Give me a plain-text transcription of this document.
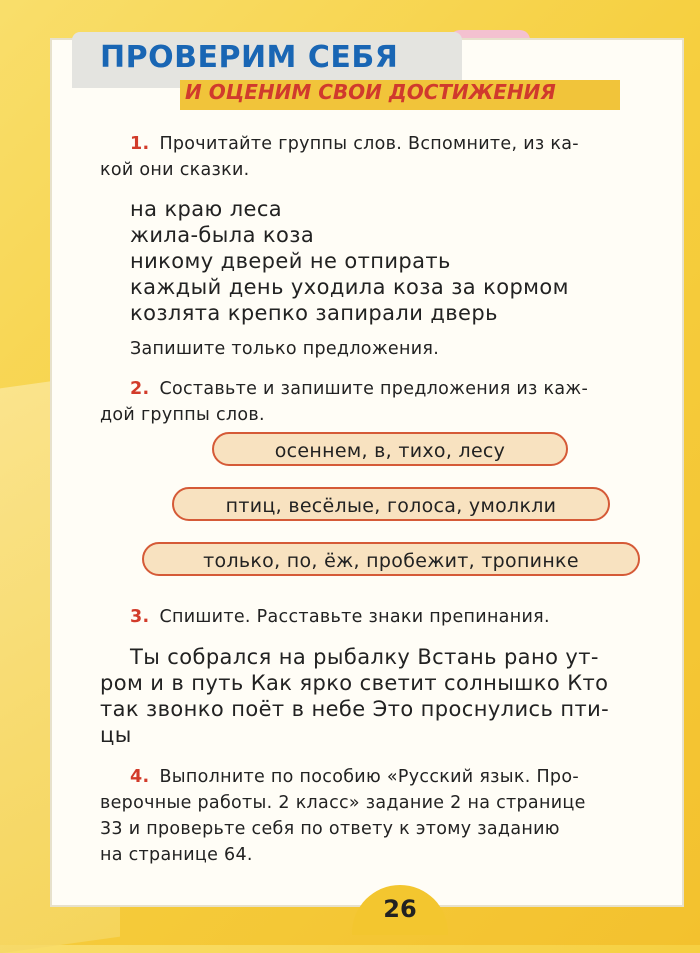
ПРОВЕРИМ СЕБЯ
И ОЦЕНИМ СВОИ ДОСТИЖЕНИЯ

1. Прочитайте группы слов. Вспомните, из ка-

кой они сказки.

на краю леса

жила-была коза

никому дверей не отпирать

каждый день уходила коза за кормом

козлята крепко запирали дверь

Запишите только предложения.

2. Составьте и запишите предложения из каж-

дой группы слов.

осеннем, в, тихо, лесу
птиц, весёлые, голоса, умолкли
только, по, ёж, пробежит, тропинке

3. Спишите. Расставьте знаки препинания.

Ты собрался на рыбалку Встань рано ут-

ром и в путь Как ярко светит солнышко Кто

так звонко поёт в небе Это проснулись пти-

цы

4. Выполните по пособию «Русский язык. Про-

верочные работы. 2 класс» задание 2 на странице

33 и проверьте себя по ответу к этому заданию

на странице 64.

26
